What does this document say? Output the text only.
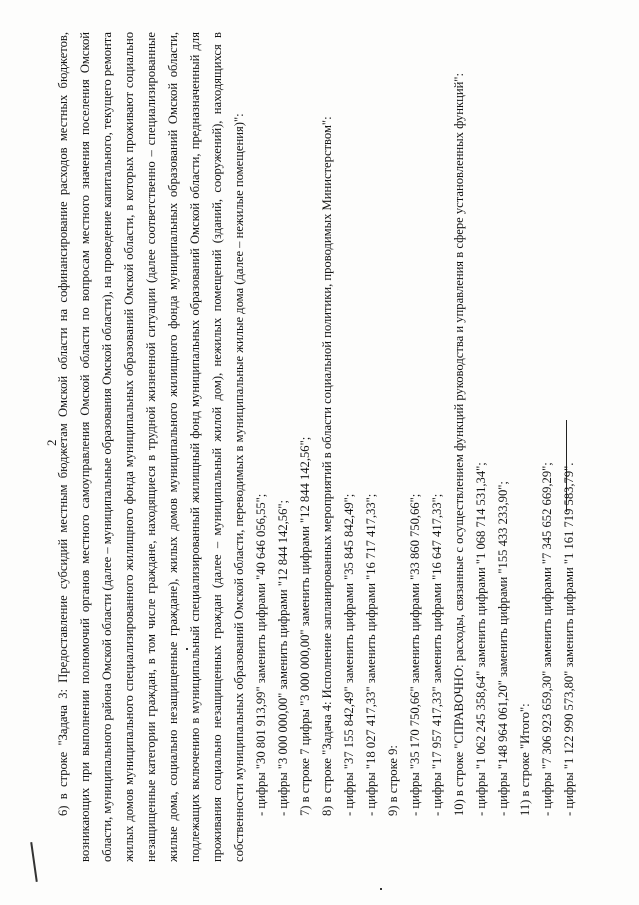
2

6) в строке "Задача 3: Предоставление субсидий местным бюджетам Омской области на софинансирование расходов местных бюджетов, возникающих при выполнении полномочий органов местного самоуправления Омской области по вопросам местного значения поселения Омской области, муниципального района Омской области (далее – муниципальные образования Омской области), на проведение капитального, текущего ремонта жилых домов муниципального специализированного жилищного фонда муниципальных образований Омской области, в которых проживают социально незащищенные категории граждан, в том числе граждане, находящиеся в трудной жизненной ситуации (далее соответственно – специализированные жилые дома, социально незащищенные граждане), жилых домов муниципального жилищного фонда муниципальных образований Омской области, подлежащих включению в муниципальный специализированный жилищный фонд муниципальных образований Омской области, предназначенный для проживания социально незащищенных граждан (далее – муниципальный жилой дом), нежилых помещений (зданий, сооружений), находящихся в собственности муниципальных образований Омской области, переводимых в муниципальные жилые дома (далее – нежилые помещения)": - цифры "30 801 913,99" заменить цифрами "40 646 056,55"; - цифры "3 000 000,00" заменить цифрами "12 844 142,56"; 7) в строке 7 цифры "3 000 000,00" заменить цифрами "12 844 142,56"; 8) в строке "Задача 4: Исполнение запланированных мероприятий в области социальной политики, проводимых Министерством": - цифры "37 155 842,49" заменить цифрами "35 845 842,49"; - цифры "18 027 417,33" заменить цифрами "16 717 417,33"; 9) в строке 9: - цифры "35 170 750,66" заменить цифрами "33 860 750,66"; - цифры "17 957 417,33" заменить цифрами "16 647 417,33"; 10) в строке "СПРАВОЧНО: расходы, связанные с осуществлением функций руководства и управления в сфере установленных функций": - цифры "1 062 245 358,64" заменить цифрами "1 068 714 531,34"; - цифры "148 964 061,20" заменить цифрами "155 433 233,90"; 11) в строке "Итого": - цифры "7 306 923 659,30" заменить цифрами "7 345 652 669,29"; - цифры "1 122 990 573,80" заменить цифрами "1 161 719 583,79".
